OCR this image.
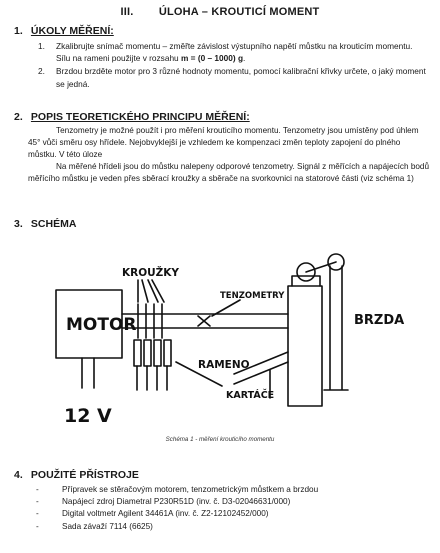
III. ÚLOHA – KROUTICÍ MOMENT
1. ÚKOLY MĚŘENÍ:
1. Zkalibrujte snímač momentu – změřte závislost výstupního napětí můstku na krouticím momentu. Sílu na rameni použijte v rozsahu m = (0 – 1000) g.
2. Brzdou brzděte motor pro 3 různé hodnoty momentu, pomocí kalibrační křivky určete, o jaký moment se jedná.
2. POPIS TEORETICKÉHO PRINCIPU MĚŘENÍ:
Tenzometry je možné použít i pro měření krouticího momentu. Tenzometry jsou umístěny pod úhlem 45° vůči směru osy hřídele. Nejobvyklejší je vzhledem ke kompenzaci změn teploty zapojení do plného můstku. V této úloze
Na měřené hřídeli jsou do můstku nalepeny odporové tenzometry. Signál z měřících a napájecích bodů měřícího můstku je veden přes sběrací kroužky a sběrače na svorkovnici na statorové části (viz schéma 1)
3. SCHÉMA
MOTOR
KROUŽKY
TENZOMETRY
BRZDA
RAMENO
KARTÁČE
12 V
Schéma 1 - měření krouticího momentu
4. POUŽITÉ PŘÍSTROJE
-	Přípravek se stěračovým motorem, tenzometrickým můstkem a brzdou
-	Napájecí zdroj Diametral P230R51D (inv. č. D3-02046631/000)
-	Digital voltmetr Agilent 34461A (inv. č. Z2-12102452/000)
-	Sada závaží 7114 (6625)
